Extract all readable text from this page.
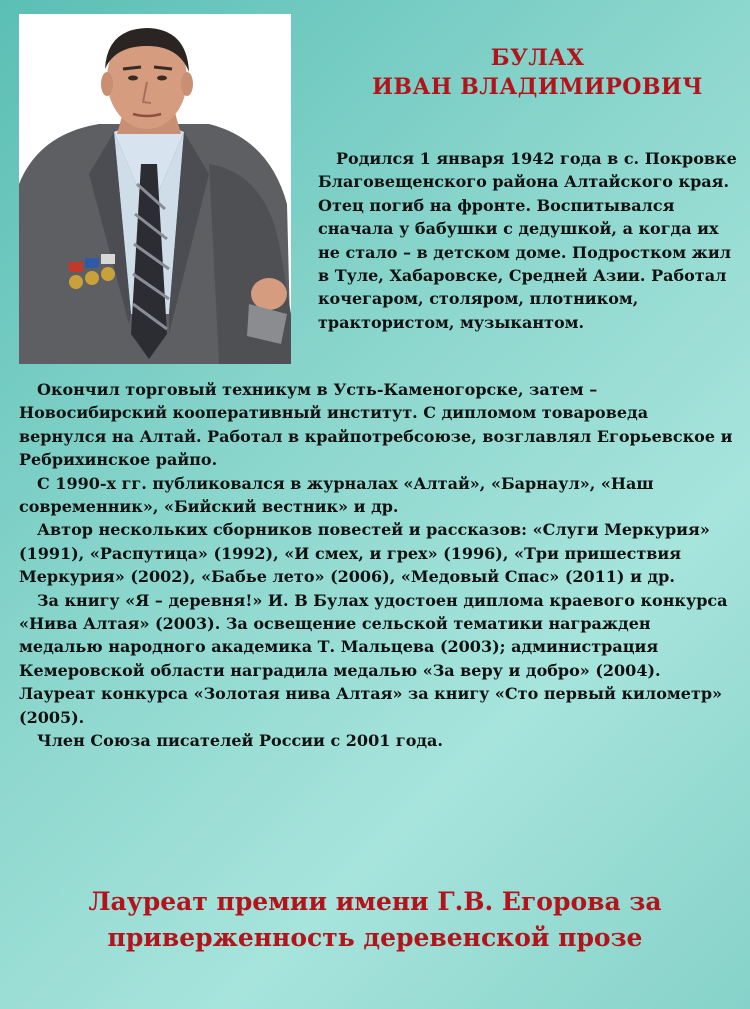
БУЛАХ
ИВАН ВЛАДИМИРОВИЧ

Родился 1 января 1942 года в с. Покровке Благовещенского района Алтайского края. Отец погиб на фронте. Воспитывался сначала у бабушки с дедушкой, а когда их не стало – в детском доме. Подростком жил в Туле, Хабаровске, Средней Азии. Работал кочегаром, столяром, плотником, трактористом, музыкантом.

Окончил торговый техникум в Усть-Каменогорске, затем – Новосибирский кооперативный институт. С дипломом товароведа вернулся на Алтай. Работал в крайпотребсоюзе, возглавлял Егорьевское и Ребрихинское райпо.

С 1990-х гг. публиковался в журналах «Алтай», «Барнаул», «Наш современник», «Бийский вестник» и др.

Автор нескольких сборников повестей и рассказов: «Слуги Меркурия» (1991), «Распутица» (1992), «И смех, и грех» (1996), «Три пришествия Меркурия» (2002), «Бабье лето» (2006), «Медовый Спас» (2011) и др.

За книгу «Я – деревня!» И. В Булах удостоен диплома краевого конкурса «Нива Алтая» (2003). За освещение сельской тематики награжден медалью народного академика Т. Мальцева (2003); администрация Кемеровской области наградила медалью «За веру и добро» (2004). Лауреат конкурса «Золотая нива Алтая» за книгу «Сто первый километр» (2005).

Член Союза писателей России с 2001 года.

Лауреат премии имени Г.В. Егорова за
приверженность деревенской прозе
